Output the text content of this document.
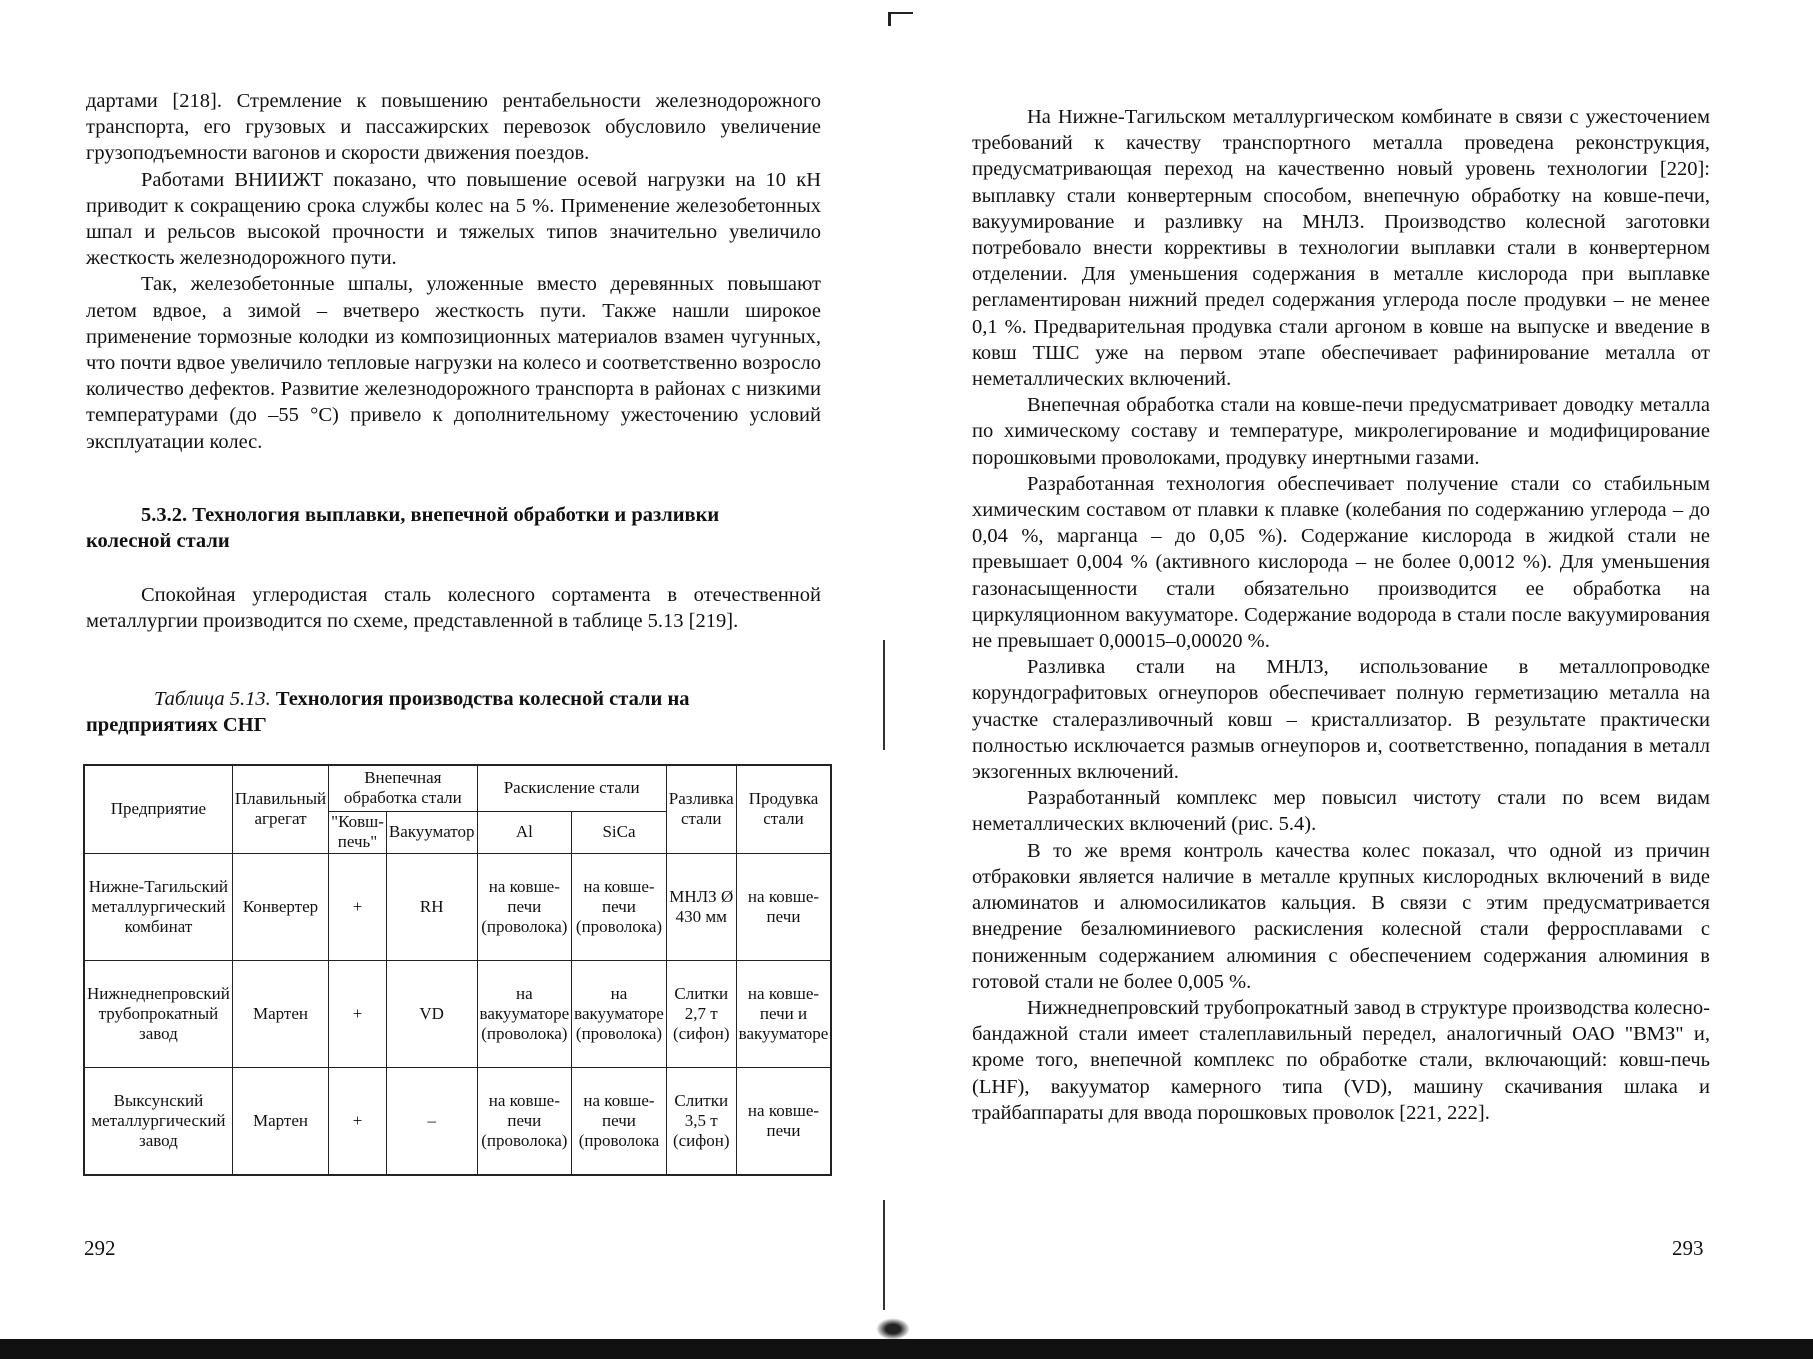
дартами [218]. Стремление к повышению рентабельности железнодорожного транспорта, его грузовых и пассажирских перевозок обусловило увеличение грузоподъемности вагонов и скорости движения поездов.

Работами ВНИИЖТ показано, что повышение осевой нагрузки на 10 кН приводит к сокращению срока службы колес на 5 %. Применение железобетонных шпал и рельсов высокой прочности и тяжелых типов значительно увеличило жесткость железнодорожного пути.

Так, железобетонные шпалы, уложенные вместо деревянных повышают летом вдвое, а зимой – вчетверо жесткость пути. Также нашли широкое применение тормозные колодки из композиционных материалов взамен чугунных, что почти вдвое увеличило тепловые нагрузки на колесо и соответственно возросло количество дефектов. Развитие железнодорожного транспорта в районах с низкими температурами (до –55 °С) привело к дополнительному ужесточению условий эксплуатации колес.

5.3.2. Технология выплавки, внепечной обработки и разливки
колесной стали

Спокойная углеродистая сталь колесного сортамента в отечественной металлургии производится по схеме, представленной в таблице 5.13 [219].

Таблица 5.13. Технология производства колесной стали на предприятиях СНГ
Предприятие	Плавильный агрегат	Внепечная обработка стали		Раскисление стали		Разливка стали	Продувка стали
		"Ковш-печь"	Вакууматор	Al	SiCa		
Нижне-Тагильский металлургический комбинат	Конвертер	+	RH	на ковше-печи (проволока)	на ковше-печи (проволока)	МНЛЗ Ø 430 мм	на ковше-печи
Нижнеднепровский трубопрокатный завод	Мартен	+	VD	на вакууматоре (проволока)	на вакууматоре (проволока)	Слитки 2,7 т (сифон)	на ковше-печи и вакууматоре
Выксунский металлургический завод	Мартен	+	–	на ковше-печи (проволока)	на ковше-печи (проволока	Слитки 3,5 т (сифон)	на ковше-печи
292

На Нижне-Тагильском металлургическом комбинате в связи с ужесточением требований к качеству транспортного металла проведена реконструкция, предусматривающая переход на качественно новый уровень технологии [220]: выплавку стали конвертерным способом, внепечную обработку на ковше-печи, вакуумирование и разливку на МНЛЗ. Производство колесной заготовки потребовало внести коррективы в технологии выплавки стали в конвертерном отделении. Для уменьшения содержания в металле кислорода при выплавке регламентирован нижний предел содержания углерода после продувки – не менее 0,1 %. Предварительная продувка стали аргоном в ковше на выпуске и введение в ковш ТШС уже на первом этапе обеспечивает рафинирование металла от неметаллических включений.

Внепечная обработка стали на ковше-печи предусматривает доводку металла по химическому составу и температуре, микролегирование и модифицирование порошковыми проволоками, продувку инертными газами.

Разработанная технология обеспечивает получение стали со стабильным химическим составом от плавки к плавке (колебания по содержанию углерода – до 0,04 %, марганца – до 0,05 %). Содержание кислорода в жидкой стали не превышает 0,004 % (активного кислорода – не более 0,0012 %). Для уменьшения газонасыщенности стали обязательно производится ее обработка на циркуляционном вакууматоре. Содержание водорода в стали после вакуумирования не превышает 0,00015–0,00020 %.

Разливка стали на МНЛЗ, использование в металлопроводке корундографитовых огнеупоров обеспечивает полную герметизацию металла на участке сталеразливочный ковш – кристаллизатор. В результате практически полностью исключается размыв огнеупоров и, соответственно, попадания в металл экзогенных включений.

Разработанный комплекс мер повысил чистоту стали по всем видам неметаллических включений (рис. 5.4).

В то же время контроль качества колес показал, что одной из причин отбраковки является наличие в металле крупных кислородных включений в виде алюминатов и алюмосиликатов кальция. В связи с этим предусматривается внедрение безалюминиевого раскисления колесной стали ферросплавами с пониженным содержанием алюминия с обеспечением содержания алюминия в готовой стали не более 0,005 %.

Нижнеднепровский трубопрокатный завод в структуре производства колесно-бандажной стали имеет сталеплавильный передел, аналогичный ОАО "ВМЗ" и, кроме того, внепечной комплекс по обработке стали, включающий: ковш-печь (LHF), вакууматор камерного типа (VD), машину скачивания шлака и трайбаппараты для ввода порошковых проволок [221, 222].

293
